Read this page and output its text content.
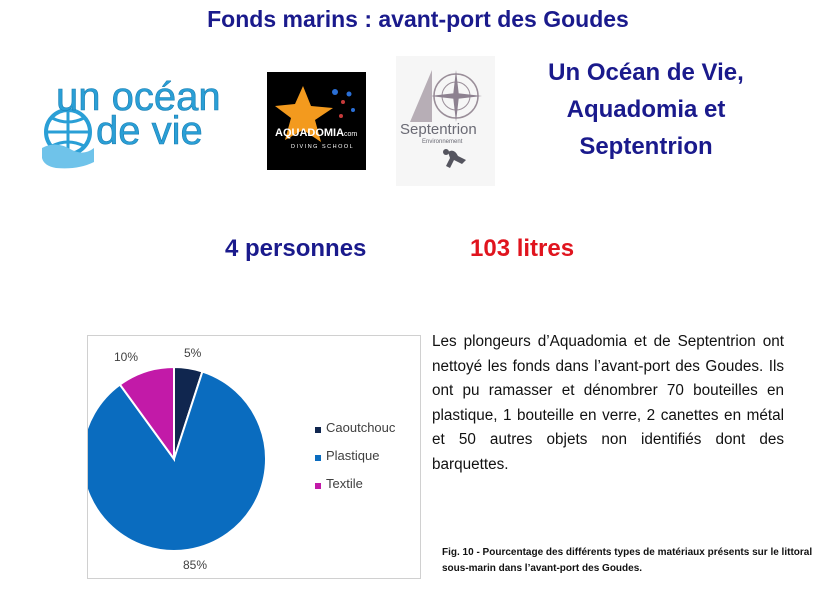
Fonds marins : avant-port des Goudes
un océan
de vie	AQUADOMIA
.com
DIVING SCHOOL
Septentrion
Environnement
Un Océan de Vie,
Aquadomia et
Septentrion
4 personnes	103 litres
5%
85%
10%
Caoutchouc
Plastique
Textile
Les plongeurs d’Aquadomia et de Septentrion ont nettoyé les fonds dans l’avant-port des Goudes. Ils ont pu ramasser et dénombrer 70 bouteilles en plastique, 1 bouteille en verre, 2 canettes en métal et 50 autres objets non identifiés dont des barquettes.
Fig. 10 - Pourcentage des différents types de matériaux présents sur le littoral sous-marin dans l’avant-port des Goudes.
